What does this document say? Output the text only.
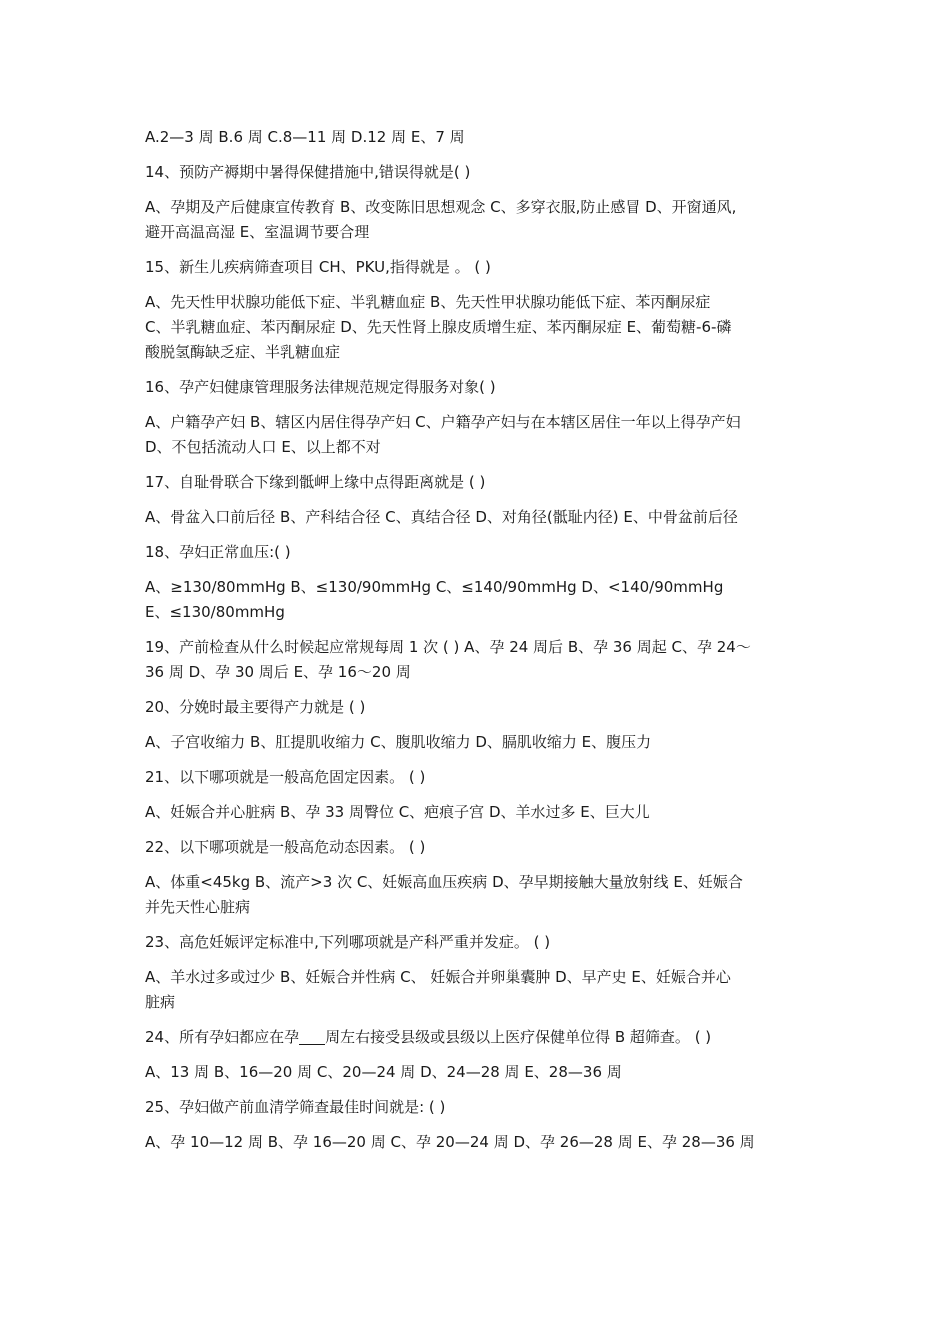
A.2—3 周 B.6 周 C.8—11 周 D.12 周 E、7 周

14、预防产褥期中暑得保健措施中,错误得就是( )

A、孕期及产后健康宣传教育 B、改变陈旧思想观念 C、多穿衣服,防止感冒 D、开窗通风,
避开高温高湿 E、室温调节要合理

15、新生儿疾病筛查项目 CH、PKU,指得就是 。 ( )

A、先天性甲状腺功能低下症、半乳糖血症 B、先天性甲状腺功能低下症、苯丙酮尿症
C、半乳糖血症、苯丙酮尿症 D、先天性肾上腺皮质增生症、苯丙酮尿症 E、葡萄糖-6-磷
酸脱氢酶缺乏症、半乳糖血症

16、孕产妇健康管理服务法律规范规定得服务对象( )

A、户籍孕产妇 B、辖区内居住得孕产妇 C、户籍孕产妇与在本辖区居住一年以上得孕产妇
D、不包括流动人口 E、以上都不对

17、自耻骨联合下缘到骶岬上缘中点得距离就是 ( )

A、骨盆入口前后径 B、产科结合径 C、真结合径 D、对角径(骶耻内径) E、中骨盆前后径

18、孕妇正常血压:( )

A、≥130/80mmHg B、≤130/90mmHg C、≤140/90mmHg D、<140/90mmHg
E、≤130/80mmHg

19、产前检查从什么时候起应常规每周 1 次 ( ) A、孕 24 周后 B、孕 36 周起 C、孕 24～
36 周 D、孕 30 周后 E、孕 16～20 周

20、分娩时最主要得产力就是 ( )

A、子宫收缩力 B、肛提肌收缩力 C、腹肌收缩力 D、膈肌收缩力 E、腹压力

21、以下哪项就是一般高危固定因素。 ( )

A、妊娠合并心脏病 B、孕 33 周臀位 C、疤痕子宫 D、羊水过多 E、巨大儿

22、以下哪项就是一般高危动态因素。 ( )

A、体重<45kg B、流产>3 次 C、妊娠高血压疾病 D、孕早期接触大量放射线 E、妊娠合
并先天性心脏病

23、高危妊娠评定标准中,下列哪项就是产科严重并发症。 ( )

A、羊水过多或过少 B、妊娠合并性病 C、 妊娠合并卵巢囊肿 D、早产史 E、妊娠合并心
脏病

24、所有孕妇都应在孕 周左右接受县级或县级以上医疗保健单位得 B 超筛查。 ( )

A、13 周 B、16—20 周 C、20—24 周 D、24—28 周 E、28—36 周

25、孕妇做产前血清学筛查最佳时间就是: ( )

A、孕 10—12 周 B、孕 16—20 周 C、孕 20—24 周 D、孕 26—28 周 E、孕 28—36 周
